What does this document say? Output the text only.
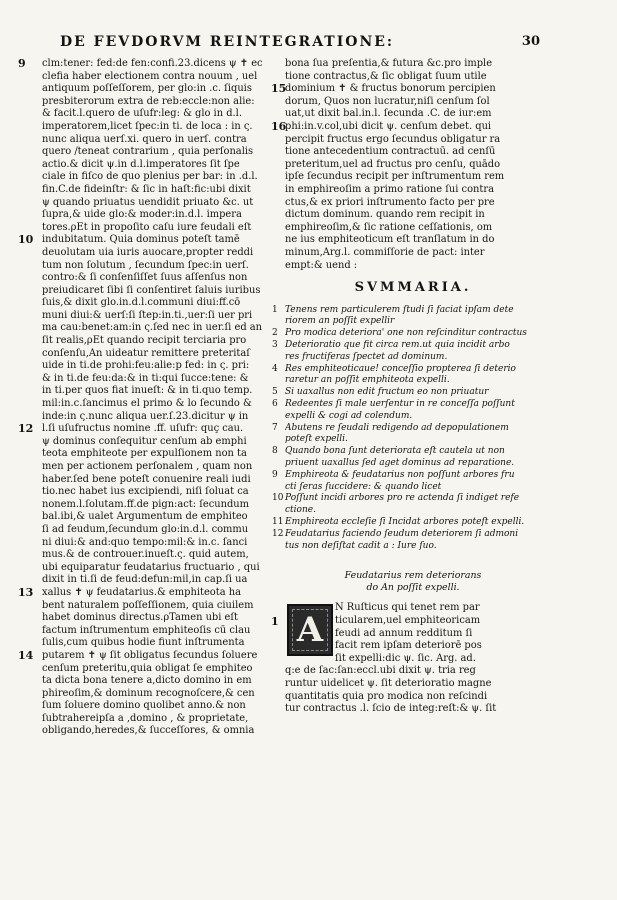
DE FEVDORVM REINTEGRATIONE:	30
clm:tener: fed:de fen:confi.23.dicens ψ ✝ ec
9
clefia haber electionem contra nouum , uel
antiquum poſſeſſorem, per glo:in .c. ſiquis
presbiterorum extra de reb:eccle:non alie:
& facit.l.quero de uſufr:leg: & glo in d.l.
imperatorem,licet ſpec:in ti. de loca : in ς.
nunc aliqua uerſ.xi. quero in uerſ. contra
quero /teneat contrarium , quia perſonalis
actio.& dicit ψ.in d.l.imperatores ſit ſpe
ciale in fiſco de quo plenius per bar: in .d.l.
fin.C.de fideinſtr: & ſic in haſt:fic:ubi dixit
ψ quando priuatus uendidit priuato &c. ut
ſupra,& uide glo:& moder:in.d.l. impera
tores.ρEt in propoſito caſu iure feudali eſt
indubitatum. Quia dominus poteſt tamē
10
deuolutam uia iuris auocare,propter reddi
tum non ſolutum , ſecundum ſpec:in uerſ.
contro:& ſi conſenſiſſet ſuus aſſenſus non
preiudicaret ſibi ſi conſentiret ſaluis iuribus
ſuis,& dixit glo.in.d.l.communi diui:ff.cō
muni diui:& uerſ:ſi ſtep:in.ti.,uer:ſi uer pri
ma cau:benet:am:in ς.ſed nec in uer.ſi ed an
ſit realis,ρEt quando recipit terciaria pro
conſenſu,An uideatur remittere preteritaſ
uide in ti.de prohi:feu:alie:p fed: in ς. pri:
& in ti.de feu:da:& in ti:qui ſucce:tene: &
in ti.per quos fiat inueſt: & in ti.quo temp.
mil:in.c.ſancimus el primo & lo ſecundo &
inde:in ς.nunc aliqua uer.ſ.23.dicitur ψ in
l.ſi uſufructus nomine .ff. uſufr: quç cau.
12
ψ dominus conſequitur cenſum ab emphi
teota emphiteote per expulſionem non ta
men per actionem perſonalem , quam non
haber.ſed bene poteſt conuenire reali iudi
tio.nec habet ius excipiendi, niſi ſoluat ca
nonem.l.ſolutam.ff.de pign:act: ſecundum
bal.ibi,& ualet Argumentum de emphiteo
ſi ad feudum,ſecundum glo:in.d.l. commu
ni diui:& and:quo tempo:mil:& in.c. ſanci
mus.& de controuer.inueſt.ς. quid autem,
ubi equiparatur feudatarius fructuario , qui
dixit in ti.ſi de feud:defun:mil,in cap.ſi ua
xallus ✝ ψ feudatarius.& emphiteota ha
13
bent naturalem poſſeſſionem, quia ciuilem
habet dominus directus.ρTamen ubi eſt
factum inſtrumentum emphiteoſis cū clau
ſulis,cum quibus hodie fiunt inſtrumenta
putarem ✝ ψ ſit obligatus ſecundus ſoluere
14
cenſum preteritu,quia obligat ſe emphiteo
ta dicta bona tenere a,dicto domino in em
phireoſim,& dominum recognoſcere,& cen
ſum ſoluere domino quolibet anno.& non
ſubtrahereipſa a ,domino , & proprietate,
obligando,heredes,& ſucceſſores, & omnia
bona ſua preſentia,& futura &c.pro imple
tione contractus,& ſic obligat ſuum utile
dominium ✝ & fructus bonorum percipien
15
dorum, Quos non lucratur,niſi cenſum ſol
uat,ut dixit bal.in.l. ſecunda .C. de iur:em
phi:in.v.col,ubi dicit ψ. cenſum debet. qui
16
percipit fructus ergo ſecundus obligatur ra
tione antecedentium contractuū. ad cenſū
preteritum,uel ad fructus pro cenſu, quādo
ipſe ſecundus recipit per inſtrumentum rem
in emphireoſim a primo ratione ſui contra
ctus,& ex priori inſtrumento facto per pre
dictum dominum. quando rem recipit in
emphireoſim,& ſic ratione ceſſationis, om
ne ius emphiteoticum eſt tranſlatum in do
minum,Arg.l. commiſſorie de pact: inter
empt:& uend :
SVMMARIA.
1 Tenens rem particulerem ſtudi ſi faciat ipſam dete
riorem an poſſit expellir
2 Pro modica deteriora' one non reſcinditur contractus
3 Deterioratio que fit circa rem.ut quia incidit arbo
res fructiferas ſpectet ad dominum.
4 Res emphiteoticaue! conceſſio propterea ſi deterio
raretur an poſſit emphiteota expelli.
5 Si uaxallus non edit fructum eo non priuatur
6 Redeentes ſi male uerſentur in re conceſſa poſſunt
expelli & cogi ad colendum.
7 Abutens re ſeudali redigendo ad depopulationem
poteſt expelli.
8 Quando bona ſunt deteriorata eſt cautela ut non
priuent uaxallus ſed aget dominus ad reparatione.
9 Emphireota & feudatarius non poſſunt arbores fru
cti ſeras ſuccidere: & quando licet
10 Poſſunt incidi arbores pro re actenda ſi indiget refe
ctione.
11 Emphireota eccleſie ſi Incidat arbores poteſt expelli.
12 Feudatarius faciendo ſeudum deteriorem ſi admoni
tus non deſiſtat cadit a : Iure ſuo.
Feudatarius rem deteriorans
do An poſſit expelli.
A
1
N Ruſticus qui tenet rem par
ticularem,uel emphiteoricam
feudi ad annum redditum ſi
facit rem ipſam deteriorē pos
ſit expelli:dic ψ. ſic. Arg. ad.
q:e de ſac:ſan:eccl.ubi dixit ψ. tria reg
runtur uidelicet ψ. ſit deterioratio magne
quantitatis quia pro modica non reſcindi
tur contractus .l. ſcio de integ:reſt:& ψ. ſit
